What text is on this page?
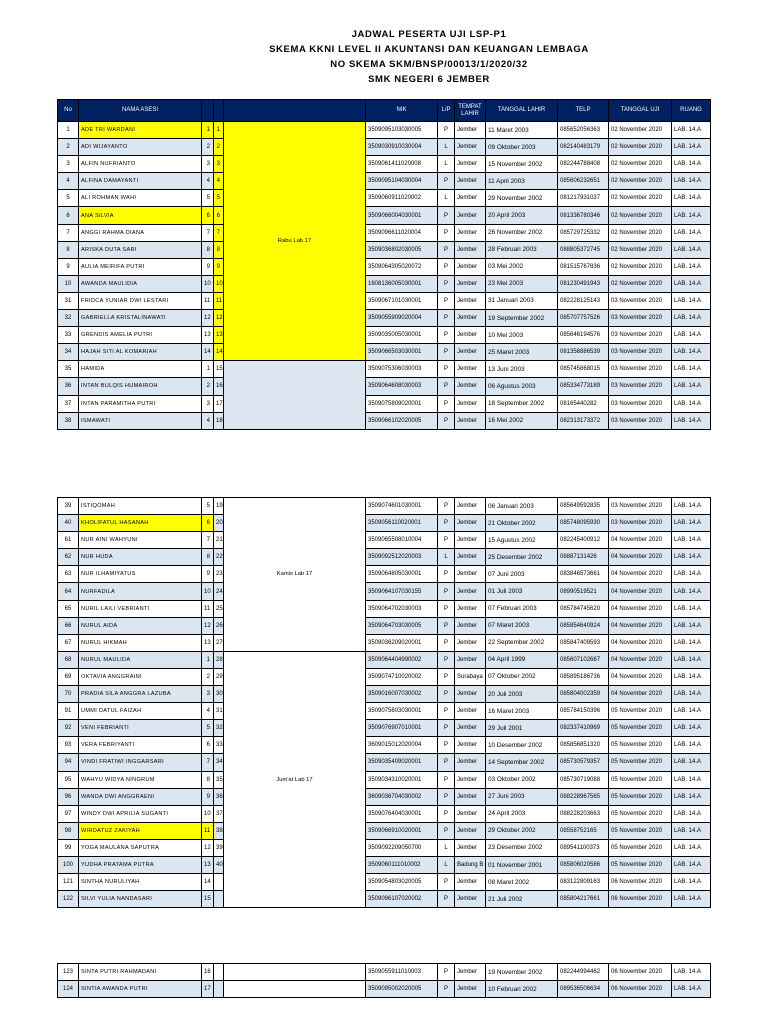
JADWAL PESERTA UJI LSP-P1
SKEMA KKNI LEVEL II AKUNTANSI DAN KEUANGAN LEMBAGA
NO SKEMA SKM/BNSP/00013/1/2020/32
SMK NEGERI 6 JEMBER
No	NAMA ASESI				NIK	L/P	TEMPAT LAHIR	TANGGAL LAHIR	TELP	TANGGAL UJI	RUANG
1	ADE TRI WARDANI	1	1	Rabu Lab 17	3509095103030005	P	Jember	11 Maret 2003	085652056363	02 November 2020	LAB. 14.A
2	ADI WIJAYANTO	2	2		3509030910030004	L	Jember	09 Oktober 2003	082140483179	02 November 2020	LAB. 14.A
3	ALFIN NUFRIANTO	3	3		3509061411020008	L	Jember	15 November 2002	082244788408	02 November 2020	LAB. 14.A
4	ALFINA DAMAYANTI	4	4		3509095104030004	P	Jember	11 April 2003	085606232651	02 November 2020	LAB. 14.A
5	ALI ROHMAN WAHI	5	5		3509060911020002	L	Jember	29 November 2002	081217931037	02 November 2020	LAB. 14.A
6	ANA SILVIA	6	6		3509066004030001	P	Jember	20 April 2003	081336780346	02 November 2020	LAB. 14.A
7	ANGGI RAHMA DIANA	7	7		3509096611020004	P	Jember	26 November 2002	085729725332	02 November 2020	LAB. 14.A
8	ARISKA DUTA SARI	8	8		3509036802030005	P	Jember	28 Februari 2003	088805372745	02 November 2020	LAB. 14.A
9	AULIA MEIRIFA PUTRI	9	9		3509064305020072	P	Jember	03 Mei 2002	081515767836	02 November 2020	LAB. 14.A
10	AWANDA MAULIDIA	10	10		1608136005030001	P	Jember	23 Mei 2003	081230491943	02 November 2020	LAB. 14.A
31	FRIDCA YUNIAR DWI LESTARI	11	11		3509067101030001	P	Jember	31 Januari 2003	082228125143	03 November 2020	LAB. 14.A
32	GABRIELLA KRISTALINAWATI	12	12		3509055909020004	P	Jember	19 September 2002	085707757526	03 November 2020	LAB. 14.A
33	GRENDIS AMELIA PUTRI	13	13		3509035005030001	P	Jember	10 Mei 2003	085646194576	03 November 2020	LAB. 14.A
34	HAJAH SITI AL KOMARIAH	14	14		3509066503030001	P	Jember	25 Maret 2003	081358886539	03 November 2020	LAB. 14.A
35	HAMIDA	1	15		3509075306030003	P	Jember	13 Juni 2003	085745868015	03 November 2020	LAB. 14.A
36	INTAN BULQIS HUMAIROH	2	16		3509064608030003	P	Jember	06 Agustus 2003	085334773189	03 November 2020	LAB. 14.A
37	INTAN PARAMITHA PUTRI	3	17		3509075809020001	P	Jember	18 September 2002	08165440282	03 November 2020	LAB. 14.A
38	ISMAWATI	4	18		3509066102020005	P	Jember	16 Mei 2002	082313173372	03 November 2020	LAB. 14.A
39	ISTIQOMAH	5	19	Kamis Lab 17	3509074601030001	P	Jember	06 Januari 2003	085649592835	03 November 2020	LAB. 14.A
40	KHOLIFATUL HASANAH	6	20		3509056110020001	P	Jember	21 Oktober 2002	085748095930	03 November 2020	LAB. 14.A
61	NUR AINI WAHYUNI	7	21		3509065508010004	P	Jember	15 Agustus 2002	082245400912	04 November 2020	LAB. 14.A
62	NUR HUDA	8	22		3509092512020003	L	Jember	25 Desember 2002	08887131426	04 November 2020	LAB. 14.A
63	NUR ILHAMIYATUS	9	23		3509064805030001	P	Jember	07 Juni 2003	083846573661	04 November 2020	LAB. 14.A
64	NURFADILA	10	24		3509064107030155	P	Jember	01 Juli 2003	08990519521	04 November 2020	LAB. 14.A
65	NURIL LAILI VEBRIANTI	11	25		3509064702030003	P	Jember	07 Februari 2003	085784745620	04 November 2020	LAB. 14.A
66	NURUL AIDA	12	26		3509064703030005	P	Jember	07 Maret 2003	085854640924	04 November 2020	LAB. 14.A
67	NURUL HIKMAH	13	27		3509036209020001	P	Jember	22 September 2002	085847409593	04 November 2020	LAB. 14.A
68	NURUL MAULIDA	1	28	Jum'at Lab 17	3509064404990002	P	Jember	04 April 1999	085607102687	04 November 2020	LAB. 14.A
69	OKTAVIA ANGGRAINI	2	29		3509074710020002	P	Surabaya	07 Oktober 2002	085895186736	04 November 2020	LAB. 14.A
70	PRADIA SILA ANGGRA LAZUBA	3	30		3509016007030002	P	Jember	20 Juli 2003	085804002359	04 November 2020	LAB. 14.A
91	UMMI DATUL FAIZAH	4	31		3509075603030001	P	Jember	16 Maret 2003	085784150396	05 November 2020	LAB. 14.A
92	VENI FEBRIANTI	5	32		3509076907010001	P	Jember	29 Juli 2001	082337410969	05 November 2020	LAB. 14.A
93	VERA FEBRIYANTI	6	33		3609015012020004	P	Jember	10 Desember 2002	085856851320	05 November 2020	LAB. 14.A
94	VINDI FRATIWI INGGARSARI	7	34		3509035409020001	P	Jember	14 September 2002	085730579357	05 November 2020	LAB. 14.A
95	WAHYU WIDYA NINGRUM	8	35		3509034310020001	P	Jember	03 Oktober 2002	085730719088	05 November 2020	LAB. 14.A
96	WANDA DWI ANGGRAENI	9	36		3609036704030002	P	Jember	27 Juni 2003	088228967565	05 November 2020	LAB. 14.A
97	WINDY DWI APRILIA SUGANTI	10	37		3509076404030001	P	Jember	24 April 2003	088228203663	05 November 2020	LAB. 14.A
98	WIRDATUZ ZAKIYAH	11	38		3509066910020001	P	Jember	29 Oktober 2002	08558752165	05 November 2020	LAB. 14.A
99	YOGA MAULANA SAPUTRA	12	39		3509092209050700	L	Jember	23 Desember 2002	089541100373	05 November 2020	LAB. 14.A
100	YUDHA PRATAMA PUTRA	13	40		3509060111010002	L	Badung B	01 November 2001	085806020586	05 November 2020	LAB. 14.A
121	SINTHA NURULIYAH	14			3509054803020005	P	Jember	08 Maret 2002	083122809163	06 November 2020	LAB. 14.A
122	SILVI YULIA NANDASARI	15			3509096107020002	P	Jember	21 Juli 2002	085804217661	06 November 2020	LAB. 14.A
123	SINTA PUTRI RAHMADANI	16			3509055911010003	P	Jember	19 November 2002	082244994462	06 November 2020	LAB. 14.A
124	SINTIA AWANDA PUTRI	17			3509095002020005	P	Jember	10 Februari 2002	089536506634	06 November 2020	LAB. 14.A
